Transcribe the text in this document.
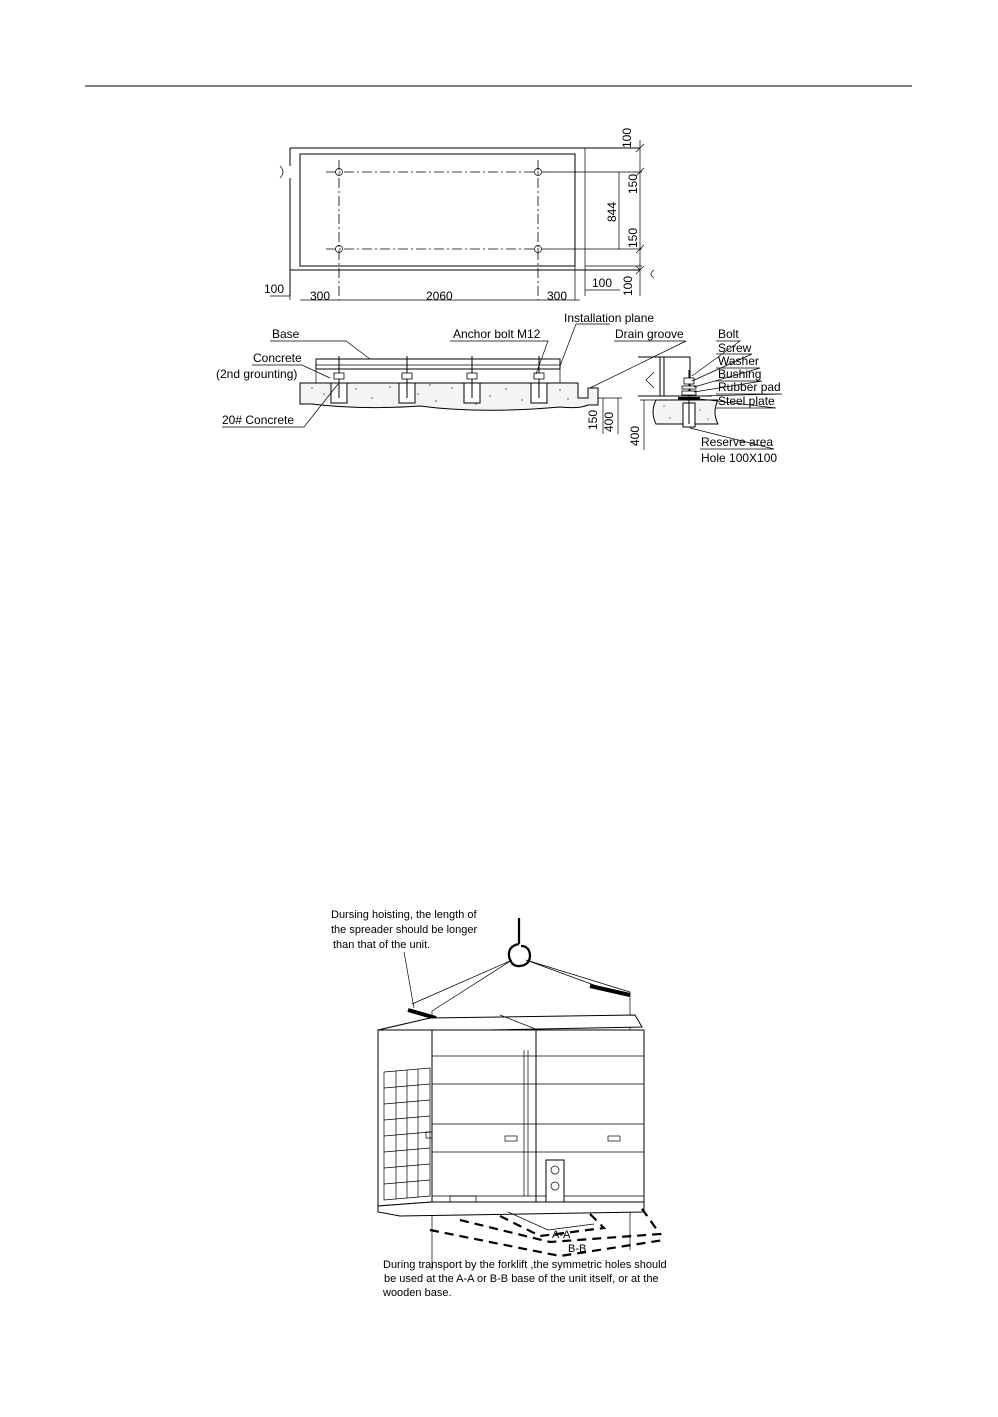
100
150
844
150
100 100
100 300	2060	300
Installation plane
Base	Anchor bolt M12	Drain groove
Concrete
(2nd grounting)
20# Concrete	150 400
Bolt
Screw
Washer
Bushing
Rubber pad
Steel plate
Reserve area
Hole 100X100
400
A-A
B-B
Dursing hoisting, the length of
the spreader should be longer
than that of the unit.
During transport by the forklift ,the symmetric holes should
be used at the A-A or B-B base of the unit itself, or at the
wooden base.
